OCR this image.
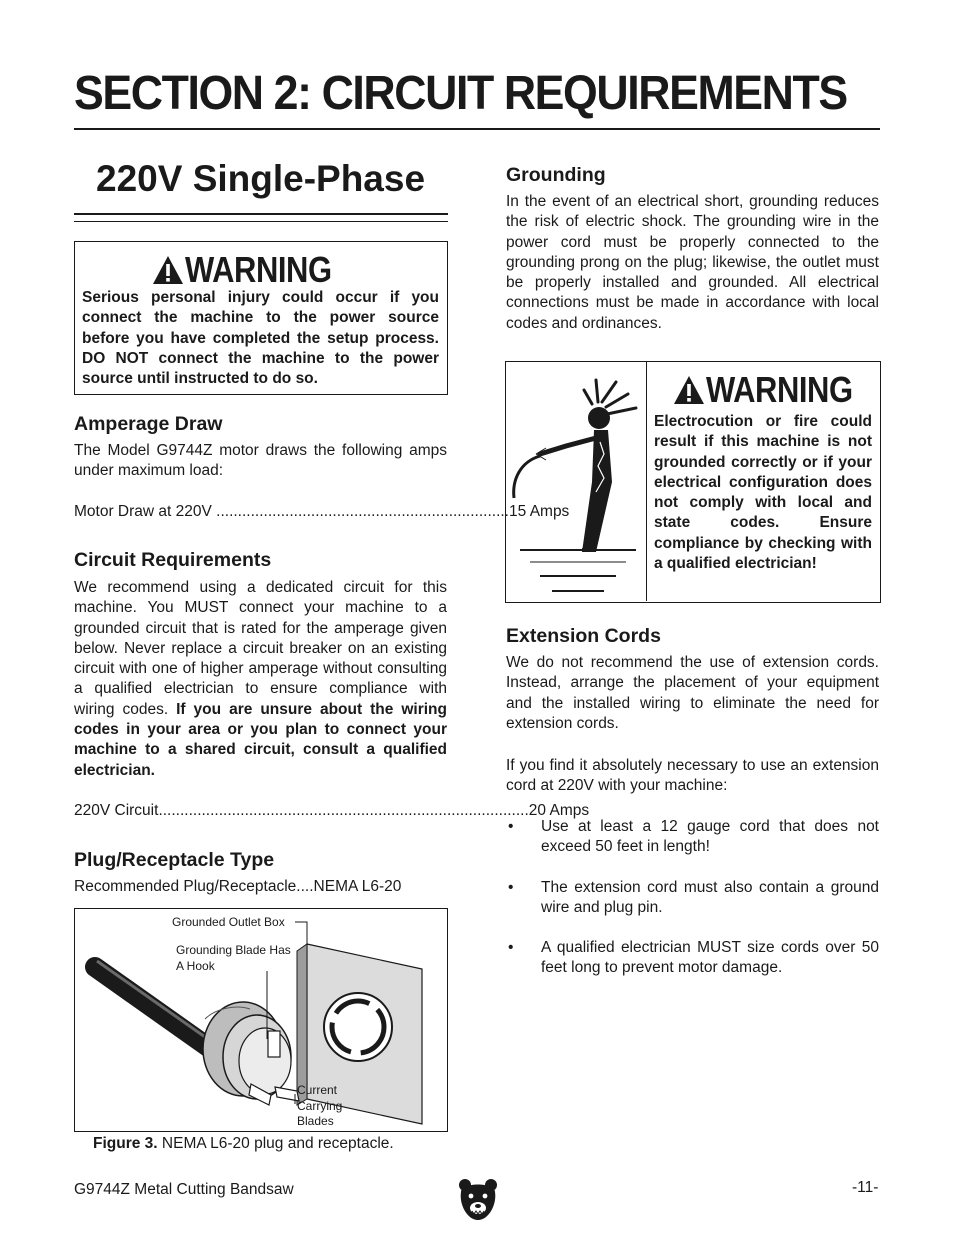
SECTION 2: CIRCUIT REQUIREMENTS
220V Single-Phase
WARNING
Serious personal injury could occur if you connect the machine to the power source before you have completed the setup process. DO NOT connect the machine to the power source until instructed to do so.
Amperage Draw
The Model G9744Z motor draws the following amps under maximum load:
Motor Draw at 220V .................................................................... 15 Amps
Circuit Requirements
We recommend using a dedicated circuit for this machine. You MUST connect your machine to a grounded circuit that is rated for the amperage given below. Never replace a circuit breaker on an existing circuit with one of higher amperage without consulting a qualified electrician to ensure compliance with wiring codes. If you are unsure about the wiring codes in your area or you plan to connect your machine to a shared circuit, consult a qualified electrician.
220V Circuit ...................................................................................... 20 Amps
Plug/Receptacle Type
Recommended Plug/Receptacle .... NEMA L6-20
Grounded Outlet Box
Grounding Blade Has
A Hook
Current
Carrying
Blades
Figure 3. NEMA L6-20 plug and receptacle.
Grounding
In the event of an electrical short, grounding reduces the risk of electric shock. The grounding wire in the power cord must be properly connected to the grounding prong on the plug; likewise, the outlet must be properly installed and grounded. All electrical connections must be made in accordance with local codes and ordinances.
WARNING
Electrocution or fire could result if this machine is not grounded correctly or if your electrical configuration does not comply with local and state codes. Ensure compliance by checking with a qualified electrician!
Extension Cords
We do not recommend the use of extension cords. Instead, arrange the placement of your equipment and the installed wiring to eliminate the need for extension cords.
If you find it absolutely necessary to use an extension cord at 220V with your machine:
•	Use at least a 12 gauge cord that does not exceed 50 feet in length!
•	The extension cord must also contain a ground wire and plug pin.
•	A qualified electrician MUST size cords over 50 feet long to prevent motor damage.
G9744Z Metal Cutting Bandsaw	-11-
